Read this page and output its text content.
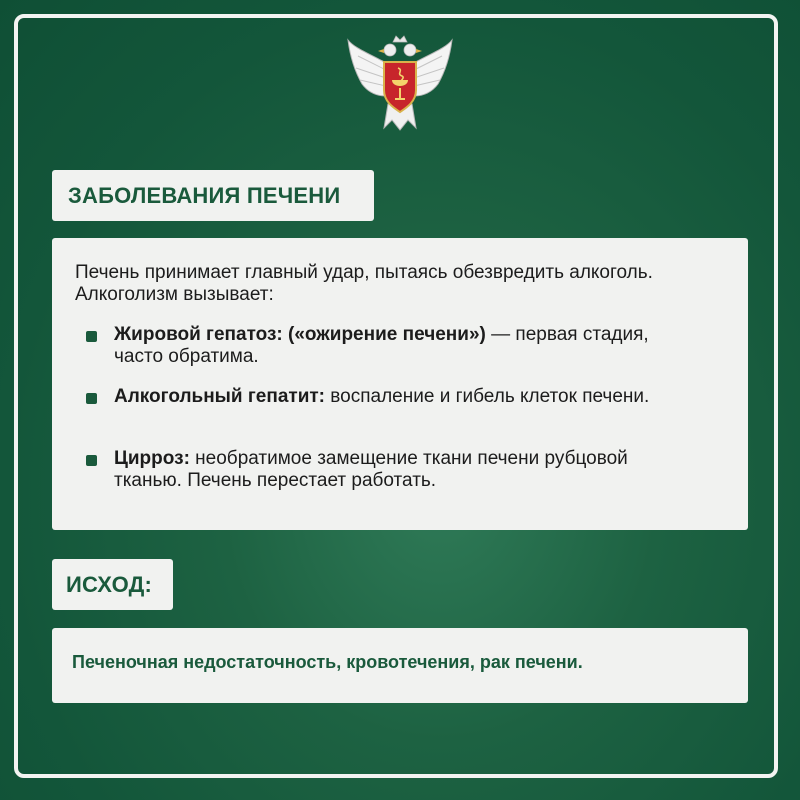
ЗАБОЛЕВАНИЯ ПЕЧЕНИ
Печень принимает главный удар, пытаясь обезвредить алкоголь. Алкоголизм вызывает:
Жировой гепатоз: («ожирение печени») — первая стадия, часто обратима.
Алкогольный гепатит: воспаление и гибель клеток печени.
Цирроз: необратимое замещение ткани печени рубцовой тканью. Печень перестает работать.
ИСХОД:
Печеночная недостаточность, кровотечения, рак печени.
